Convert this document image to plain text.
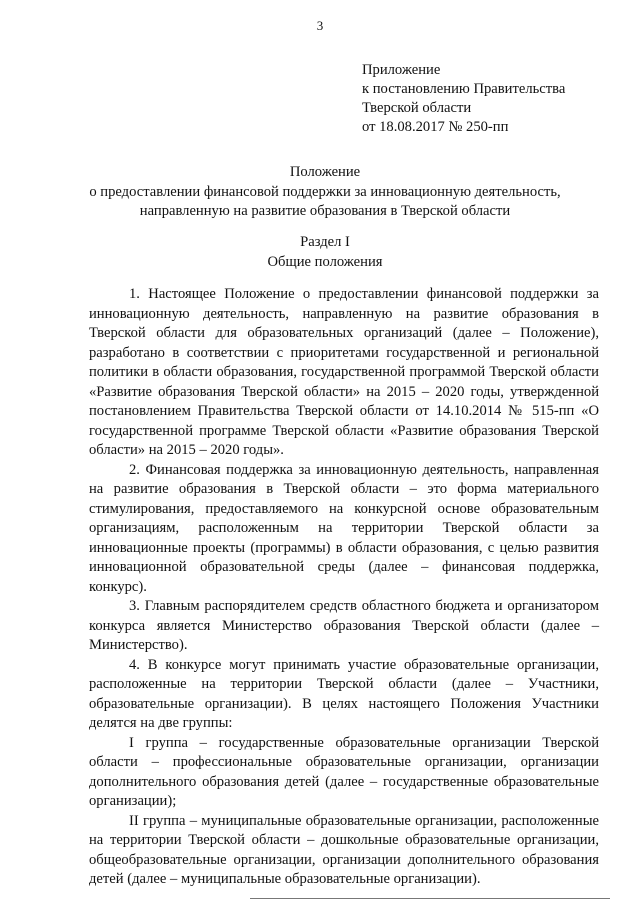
3
Приложение
к постановлению Правительства
Тверской области
от 18.08.2017 № 250-пп
Положение
о предоставлении финансовой поддержки за инновационную деятельность,
направленную на развитие образования в Тверской области
Раздел I
Общие положения

1. Настоящее Положение о предоставлении финансовой поддержки за инновационную деятельность, направленную на развитие образования в Тверской области для образовательных организаций (далее – Положение), разработано в соответствии с приоритетами государственной и региональной политики в области образования, государственной программой Тверской области «Развитие образования Тверской области» на 2015 – 2020 годы, утвержденной постановлением Правительства Тверской области от 14.10.2014 № 515-пп «О государственной программе Тверской области «Развитие образования Тверской области» на 2015 – 2020 годы».

2. Финансовая поддержка за инновационную деятельность, направленная на развитие образования в Тверской области – это форма материального стимулирования, предоставляемого на конкурсной основе образовательным организациям, расположенным на территории Тверской области за инновационные проекты (программы) в области образования, с целью развития инновационной образовательной среды (далее – финансовая поддержка, конкурс).

3. Главным распорядителем средств областного бюджета и организатором конкурса является Министерство образования Тверской области (далее – Министерство).

4. В конкурсе могут принимать участие образовательные организации, расположенные на территории Тверской области (далее – Участники, образовательные организации). В целях настоящего Положения Участники делятся на две группы:

I группа – государственные образовательные организации Тверской области – профессиональные образовательные организации, организации дополнительного образования детей (далее – государственные образовательные организации);

II группа – муниципальные образовательные организации, расположенные на территории Тверской области – дошкольные образовательные организации, общеобразовательные организации, организации дополнительного образования детей (далее – муниципальные образовательные организации).
